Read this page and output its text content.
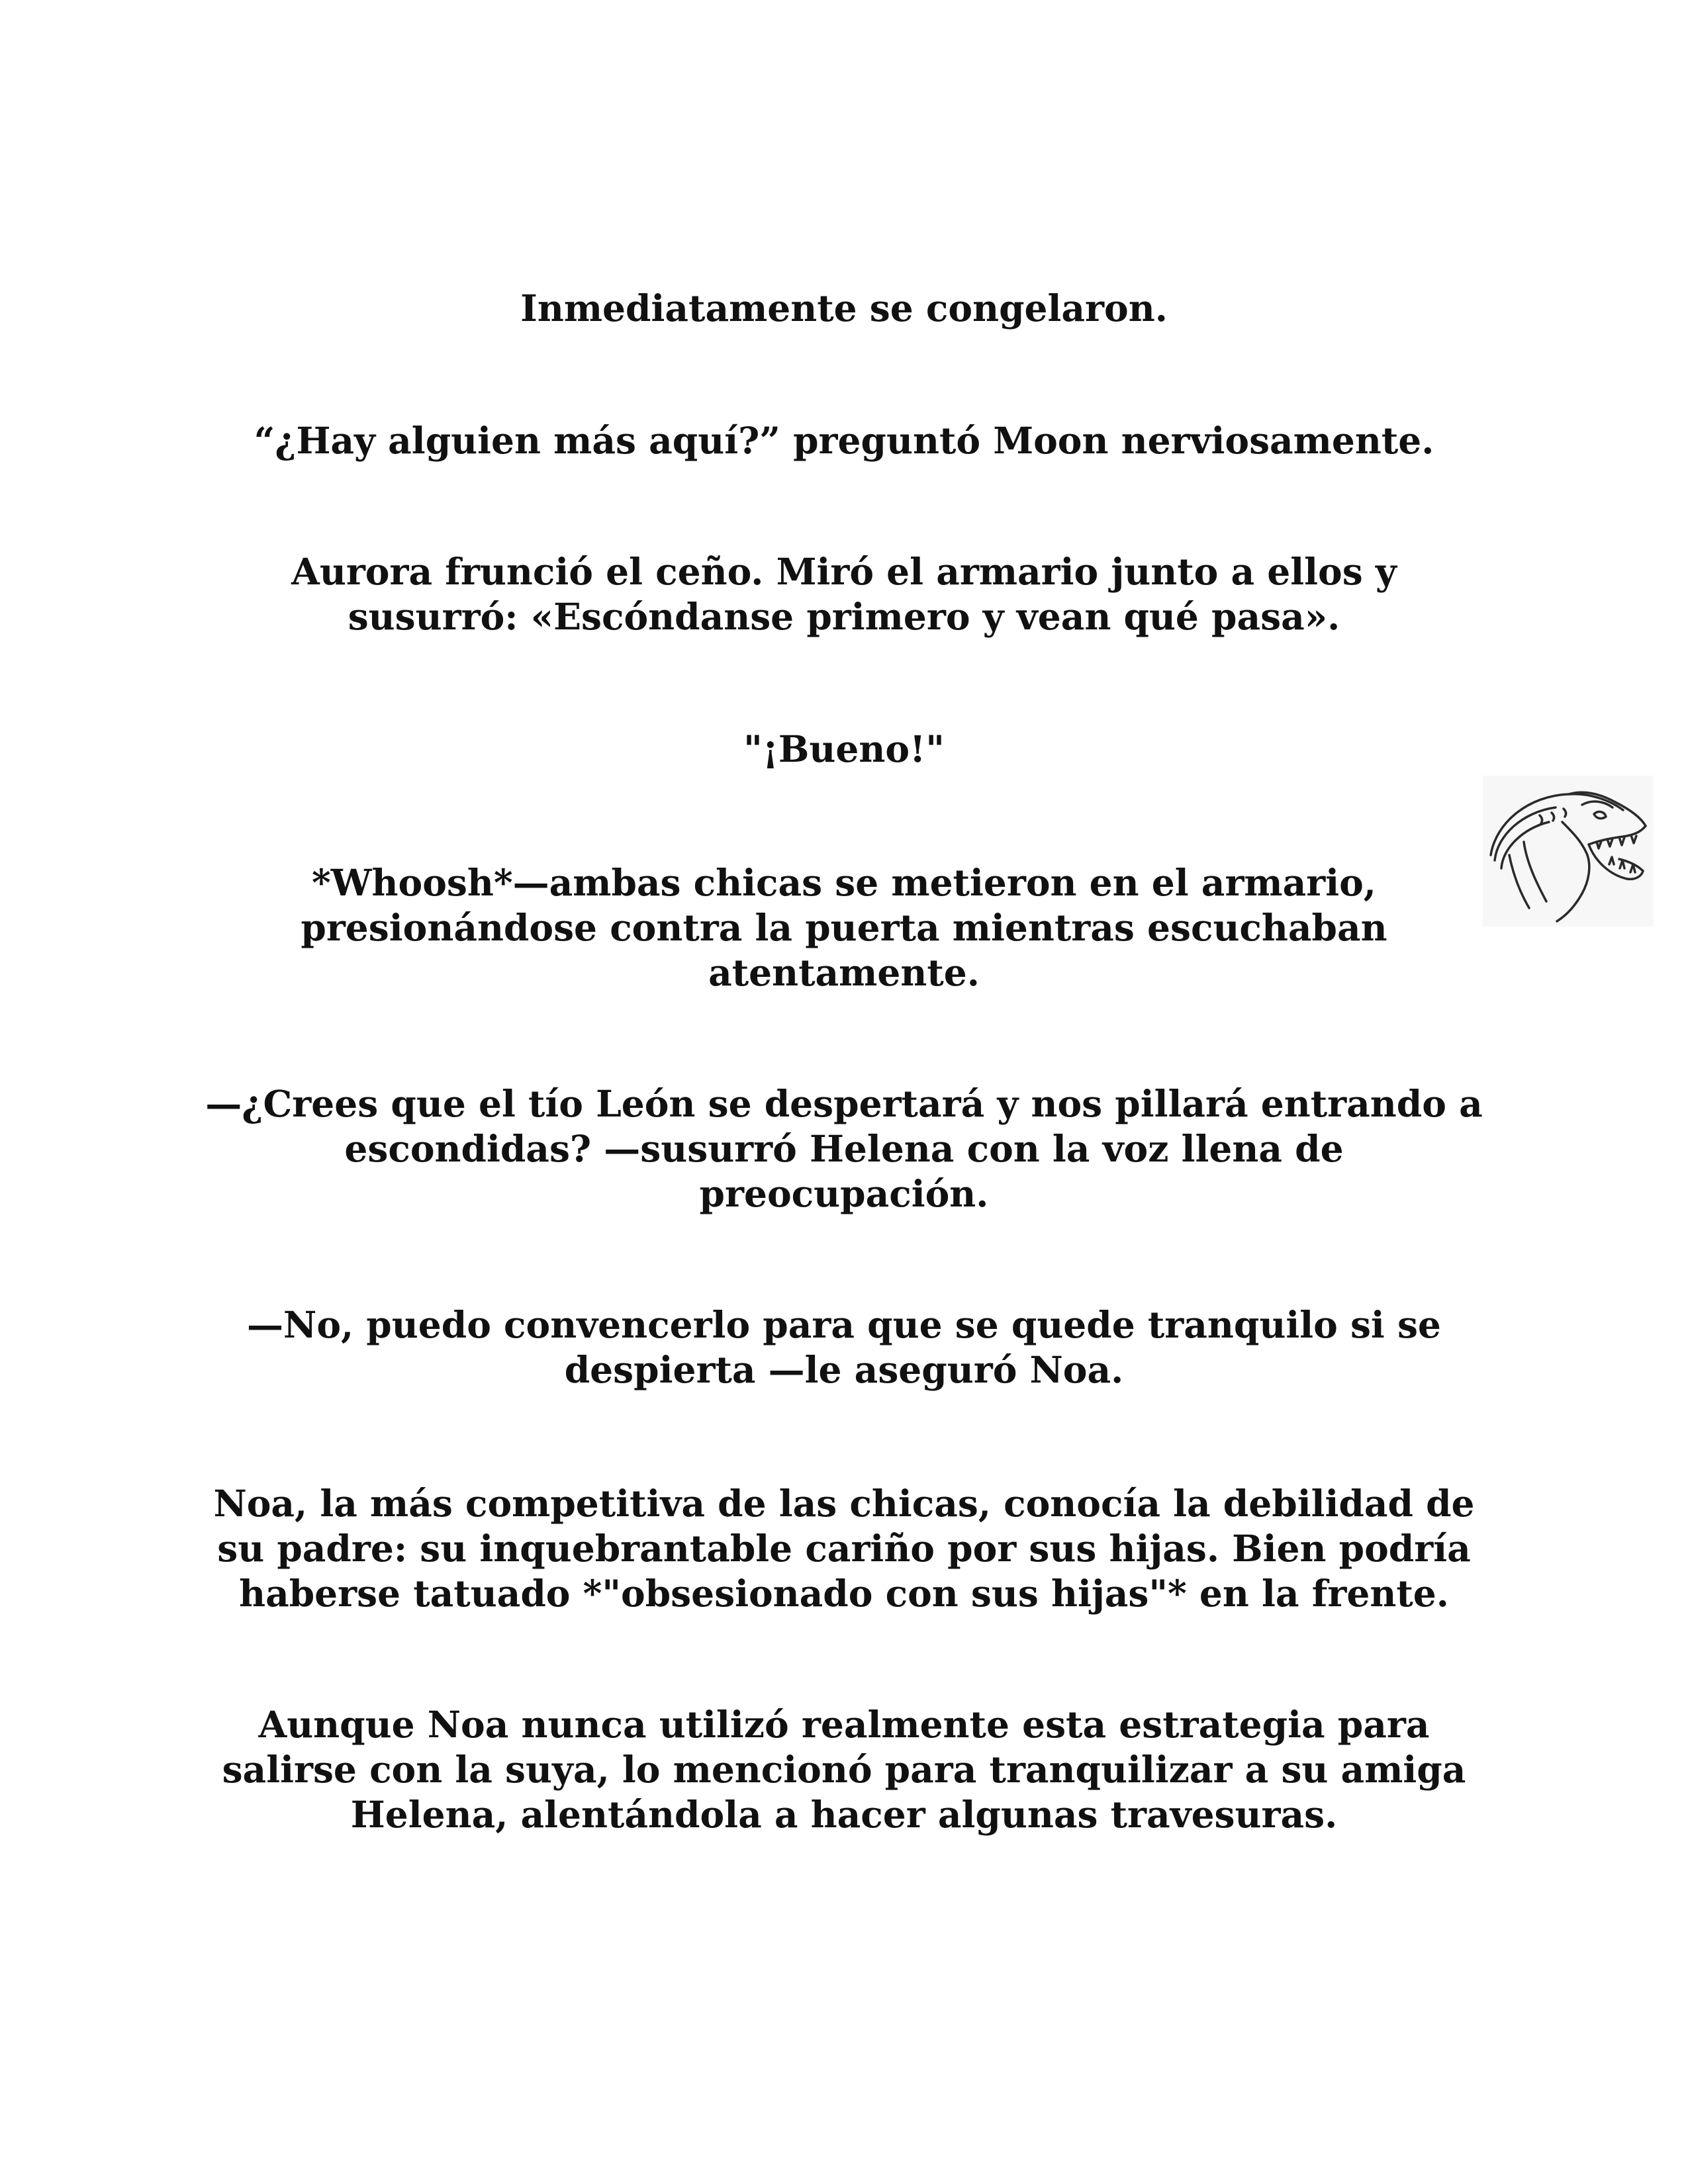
Inmediatamente se congelaron.
“¿Hay alguien más aquí?” preguntó Moon nerviosamente.
Aurora frunció el ceño. Miró el armario junto a ellos y
susurró: «Escóndanse primero y vean qué pasa».
"¡Bueno!"
*Whoosh*—ambas chicas se metieron en el armario,
presionándose contra la puerta mientras escuchaban
atentamente.
—¿Crees que el tío León se despertará y nos pillará entrando a
escondidas? —susurró Helena con la voz llena de
preocupación.
—No, puedo convencerlo para que se quede tranquilo si se
despierta —le aseguró Noa.
Noa, la más competitiva de las chicas, conocía la debilidad de
su padre: su inquebrantable cariño por sus hijas. Bien podría
haberse tatuado *"obsesionado con sus hijas"* en la frente.
Aunque Noa nunca utilizó realmente esta estrategia para
salirse con la suya, lo mencionó para tranquilizar a su amiga
Helena, alentándola a hacer algunas travesuras.
